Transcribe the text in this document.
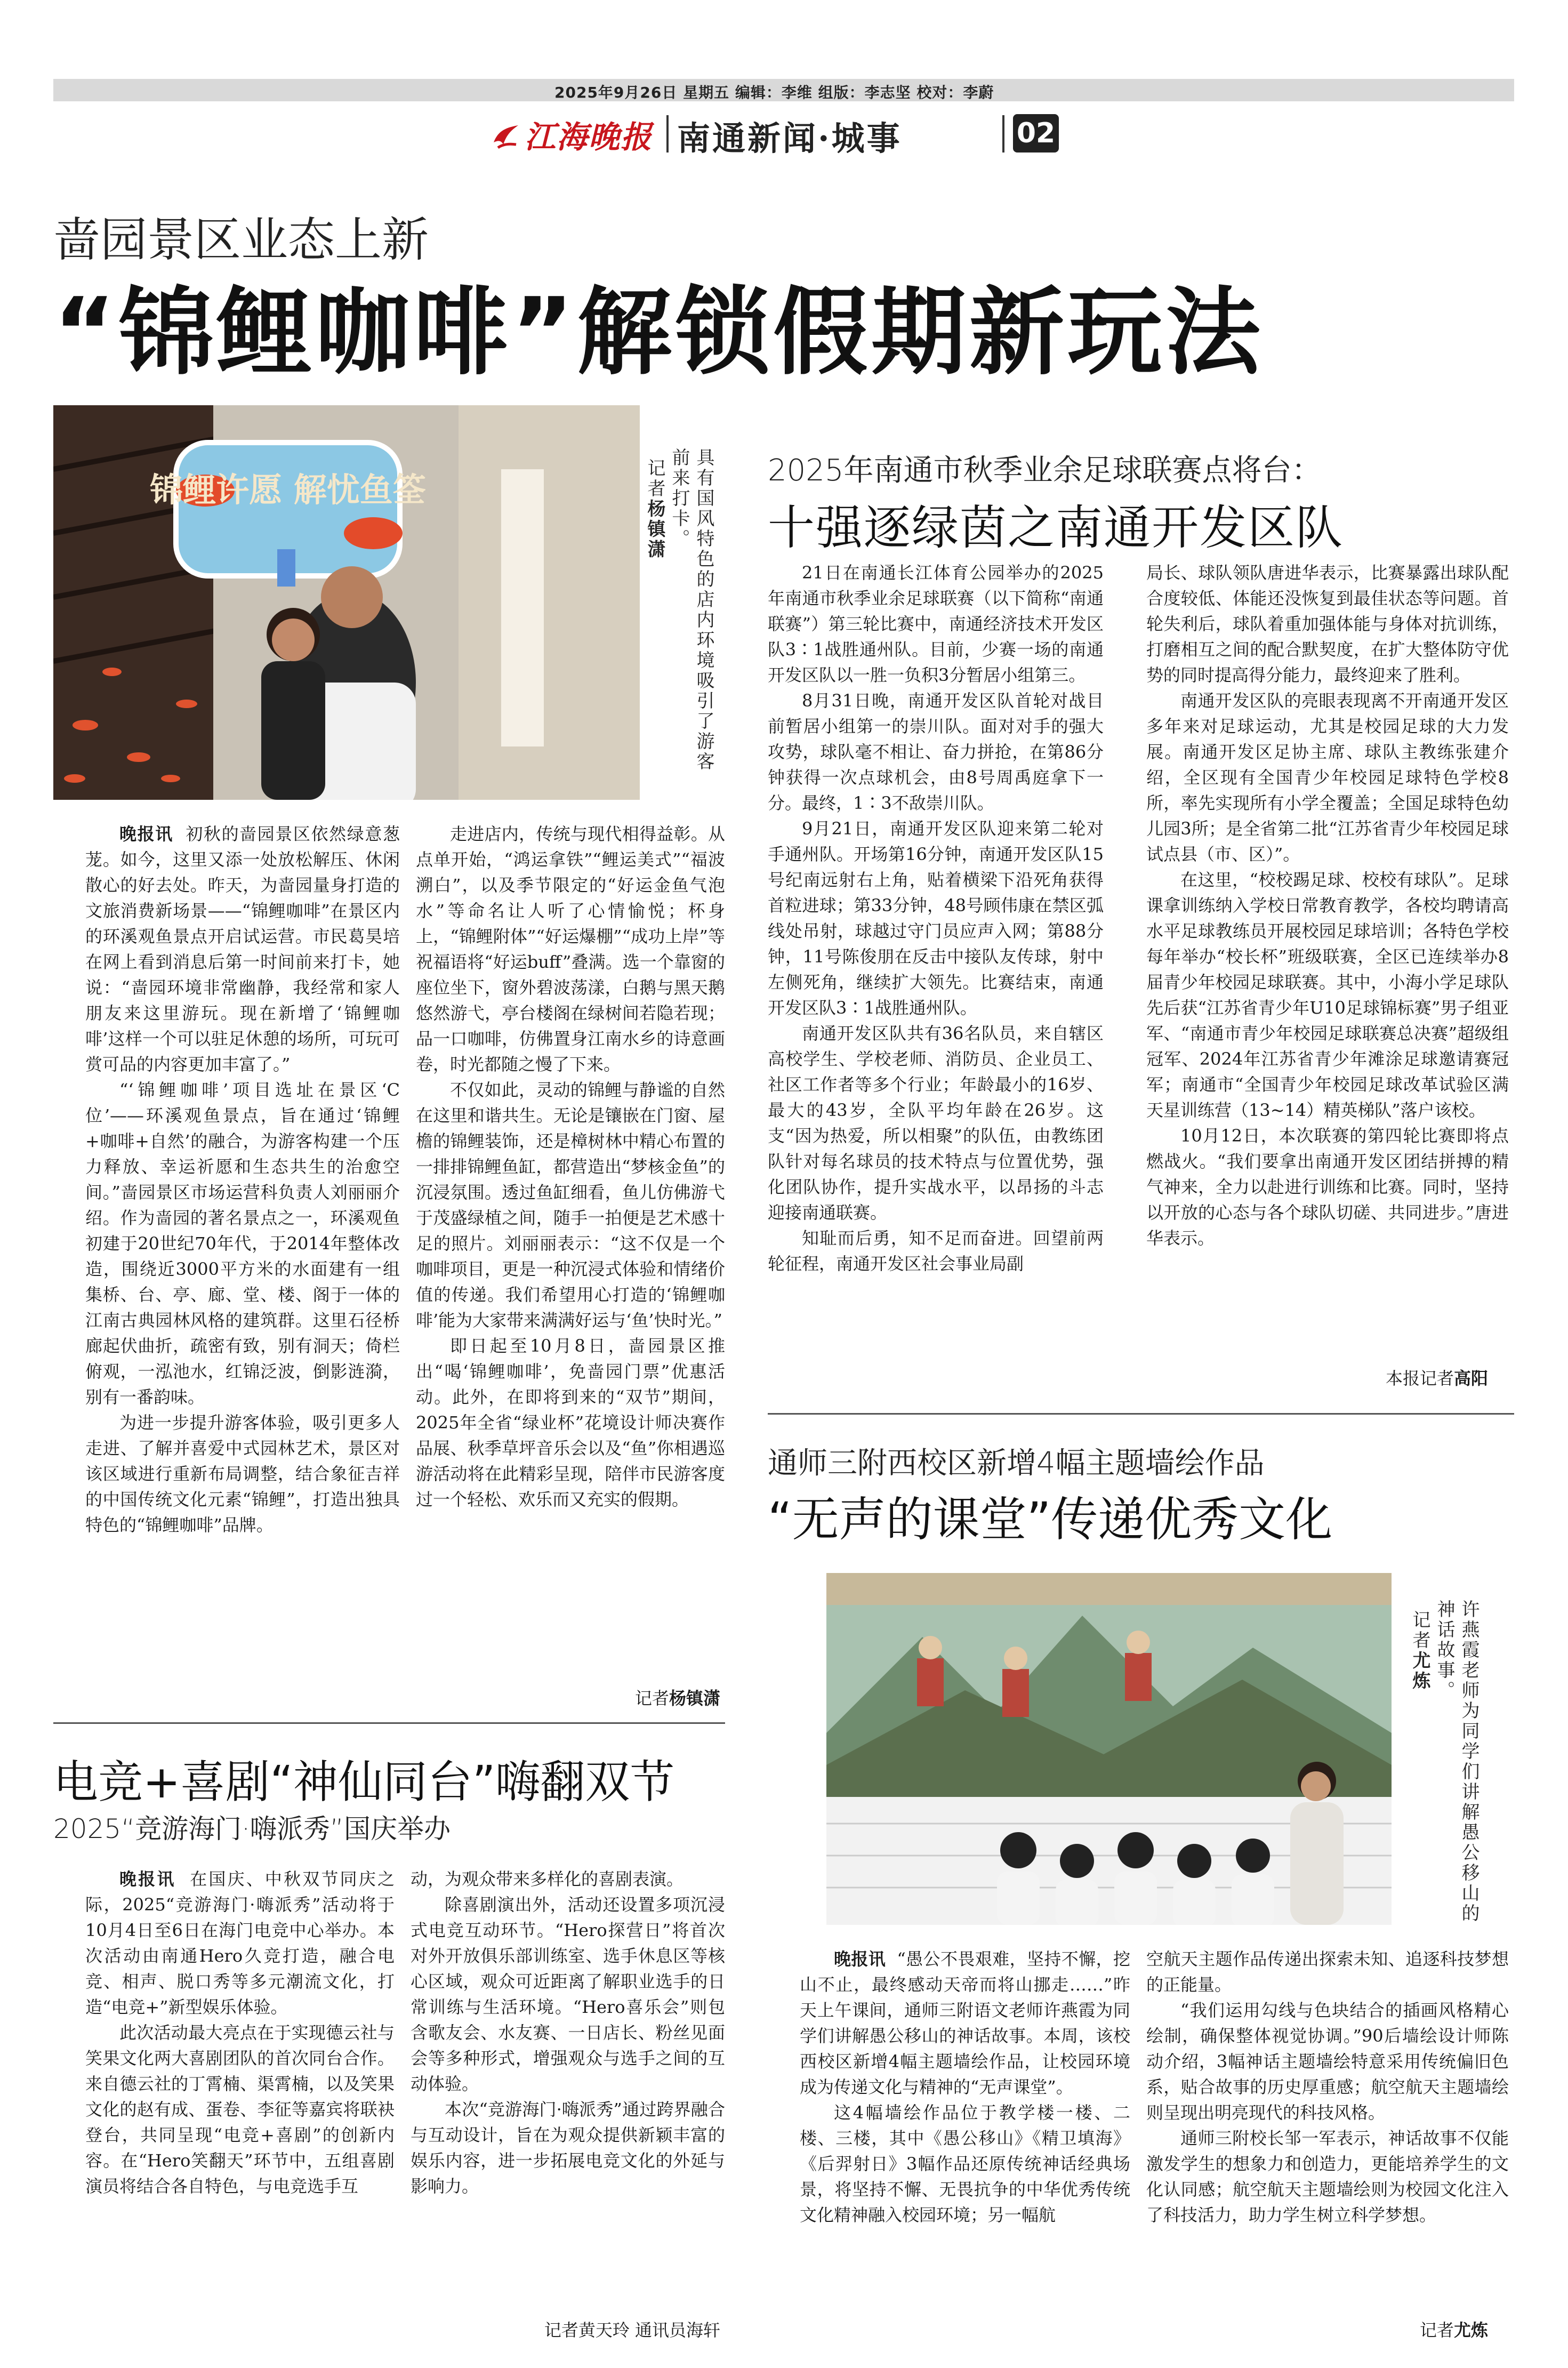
2025年9月26日 星期五 编辑：李维 组版：李志坚 校对：李蔚
江海晚报 南通新闻·城事	02
啬园景区业态上新
“锦鲤咖啡”解锁假期新玩法
锦鲤许愿 解忧鱼筌	具有国风特色的店内环境吸引了游客前来打卡。
记者杨镇潇

晚报讯 初秋的啬园景区依然绿意葱茏。如今，这里又添一处放松解压、休闲散心的好去处。昨天，为啬园量身打造的文旅消费新场景——“锦鲤咖啡”在景区内的环溪观鱼景点开启试运营。市民葛昊培在网上看到消息后第一时间前来打卡，她说：“啬园环境非常幽静，我经常和家人朋友来这里游玩。现在新增了‘锦鲤咖啡’这样一个可以驻足休憩的场所，可玩可赏可品的内容更加丰富了。”

“‘锦鲤咖啡’项目选址在景区‘C位’——环溪观鱼景点，旨在通过‘锦鲤+咖啡+自然’的融合，为游客构建一个压力释放、幸运祈愿和生态共生的治愈空间。”啬园景区市场运营科负责人刘丽丽介绍。作为啬园的著名景点之一，环溪观鱼初建于20世纪70年代，于2014年整体改造，围绕近3000平方米的水面建有一组集桥、台、亭、廊、堂、楼、阁于一体的江南古典园林风格的建筑群。这里石径桥廊起伏曲折，疏密有致，别有洞天；倚栏俯观，一泓池水，红锦泛波，倒影涟漪，别有一番韵味。

为进一步提升游客体验，吸引更多人走进、了解并喜爱中式园林艺术，景区对该区域进行重新布局调整，结合象征吉祥的中国传统文化元素“锦鲤”，打造出独具特色的“锦鲤咖啡”品牌。

走进店内，传统与现代相得益彰。从点单开始，“鸿运拿铁”“鲤运美式”“福波溯白”，以及季节限定的“好运金鱼气泡水”等命名让人听了心情愉悦；杯身上，“锦鲤附体”“好运爆棚”“成功上岸”等祝福语将“好运buff”叠满。选一个靠窗的座位坐下，窗外碧波荡漾，白鹅与黑天鹅悠然游弋，亭台楼阁在绿树间若隐若现；品一口咖啡，仿佛置身江南水乡的诗意画卷，时光都随之慢了下来。

不仅如此，灵动的锦鲤与静谧的自然在这里和谐共生。无论是镶嵌在门窗、屋檐的锦鲤装饰，还是樟树林中精心布置的一排排锦鲤鱼缸，都营造出“梦核金鱼”的沉浸氛围。透过鱼缸细看，鱼儿仿佛游弋于茂盛绿植之间，随手一拍便是艺术感十足的照片。刘丽丽表示：“这不仅是一个咖啡项目，更是一种沉浸式体验和情绪价值的传递。我们希望用心打造的‘锦鲤咖啡’能为大家带来满满好运与‘鱼’快时光。”

即日起至10月8日，啬园景区推出“喝‘锦鲤咖啡’，免啬园门票”优惠活动。此外，在即将到来的“双节”期间，2025年全省“绿业杯”花境设计师决赛作品展、秋季草坪音乐会以及“鱼”你相遇巡游活动将在此精彩呈现，陪伴市民游客度过一个轻松、欢乐而又充实的假期。

记者杨镇潇
电竞+喜剧“神仙同台”嗨翻双节
2025“竞游海门·嗨派秀”国庆举办

晚报讯 在国庆、中秋双节同庆之际，2025“竞游海门·嗨派秀”活动将于10月4日至6日在海门电竞中心举办。本次活动由南通Hero久竞打造，融合电竞、相声、脱口秀等多元潮流文化，打造“电竞+”新型娱乐体验。

此次活动最大亮点在于实现德云社与笑果文化两大喜剧团队的首次同台合作。来自德云社的丁霄楠、渠霄楠，以及笑果文化的赵有成、蛋卷、李征等嘉宾将联袂登台，共同呈现“电竞+喜剧”的创新内容。在“Hero笑翻天”环节中，五组喜剧演员将结合各自特色，与电竞选手互

动，为观众带来多样化的喜剧表演。

除喜剧演出外，活动还设置多项沉浸式电竞互动环节。“Hero探营日”将首次对外开放俱乐部训练室、选手休息区等核心区域，观众可近距离了解职业选手的日常训练与生活环境。“Hero喜乐会”则包含歌友会、水友赛、一日店长、粉丝见面会等多种形式，增强观众与选手之间的互动体验。

本次“竞游海门·嗨派秀”通过跨界融合与互动设计，旨在为观众提供新颖丰富的娱乐内容，进一步拓展电竞文化的外延与影响力。

记者黄天玲 通讯员海轩
2025年南通市秋季业余足球联赛点将台：
十强逐绿茵之南通开发区队

21日在南通长江体育公园举办的2025年南通市秋季业余足球联赛（以下简称“南通联赛”）第三轮比赛中，南通经济技术开发区队3∶1战胜通州队。目前，少赛一场的南通开发区队以一胜一负积3分暂居小组第三。

8月31日晚，南通开发区队首轮对战目前暂居小组第一的崇川队。面对对手的强大攻势，球队毫不相让、奋力拼抢，在第86分钟获得一次点球机会，由8号周禹庭拿下一分。最终，1∶3不敌崇川队。

9月21日，南通开发区队迎来第二轮对手通州队。开场第16分钟，南通开发区队15号纪南远射右上角，贴着横梁下沿死角获得首粒进球；第33分钟，48号顾伟康在禁区弧线处吊射，球越过守门员应声入网；第88分钟，11号陈俊朋在反击中接队友传球，射中左侧死角，继续扩大领先。比赛结束，南通开发区队3∶1战胜通州队。

南通开发区队共有36名队员，来自辖区高校学生、学校老师、消防员、企业员工、社区工作者等多个行业；年龄最小的16岁、最大的43岁，全队平均年龄在26岁。这支“因为热爱，所以相聚”的队伍，由教练团队针对每名球员的技术特点与位置优势，强化团队协作，提升实战水平，以昂扬的斗志迎接南通联赛。

知耻而后勇，知不足而奋进。回望前两轮征程，南通开发区社会事业局副

局长、球队领队唐进华表示，比赛暴露出球队配合度较低、体能还没恢复到最佳状态等问题。首轮失利后，球队着重加强体能与身体对抗训练，打磨相互之间的配合默契度，在扩大整体防守优势的同时提高得分能力，最终迎来了胜利。

南通开发区队的亮眼表现离不开南通开发区多年来对足球运动，尤其是校园足球的大力发展。南通开发区足协主席、球队主教练张建介绍，全区现有全国青少年校园足球特色学校8所，率先实现所有小学全覆盖；全国足球特色幼儿园3所；是全省第二批“江苏省青少年校园足球试点县（市、区）”。

在这里，“校校踢足球、校校有球队”。足球课拿训练纳入学校日常教育教学，各校均聘请高水平足球教练员开展校园足球培训；各特色学校每年举办“校长杯”班级联赛，全区已连续举办8届青少年校园足球联赛。其中，小海小学足球队先后获“江苏省青少年U10足球锦标赛”男子组亚军、“南通市青少年校园足球联赛总决赛”超级组冠军、2024年江苏省青少年滩涂足球邀请赛冠军；南通市“全国青少年校园足球改革试验区满天星训练营（13~14）精英梯队”落户该校。

10月12日，本次联赛的第四轮比赛即将点燃战火。“我们要拿出南通开发区团结拼搏的精气神来，全力以赴进行训练和比赛。同时，坚持以开放的心态与各个球队切磋、共同进步。”唐进华表示。

本报记者高阳
通师三附西校区新增4幅主题墙绘作品
“无声的课堂”传递优秀文化
许燕霞老师为同学们讲解愚公移山的神话故事。
记者尤炼

晚报讯 “愚公不畏艰难，坚持不懈，挖山不止，最终感动天帝而将山挪走……”昨天上午课间，通师三附语文老师许燕霞为同学们讲解愚公移山的神话故事。本周，该校西校区新增4幅主题墙绘作品，让校园环境成为传递文化与精神的“无声课堂”。

这4幅墙绘作品位于教学楼一楼、二楼、三楼，其中《愚公移山》《精卫填海》《后羿射日》3幅作品还原传统神话经典场景，将坚持不懈、无畏抗争的中华优秀传统文化精神融入校园环境；另一幅航

空航天主题作品传递出探索未知、追逐科技梦想的正能量。

“我们运用勾线与色块结合的插画风格精心绘制，确保整体视觉协调。”90后墙绘设计师陈动介绍，3幅神话主题墙绘特意采用传统偏旧色系，贴合故事的历史厚重感；航空航天主题墙绘则呈现出明亮现代的科技风格。

通师三附校长邹一军表示，神话故事不仅能激发学生的想象力和创造力，更能培养学生的文化认同感；航空航天主题墙绘则为校园文化注入了科技活力，助力学生树立科学梦想。

记者尤炼
